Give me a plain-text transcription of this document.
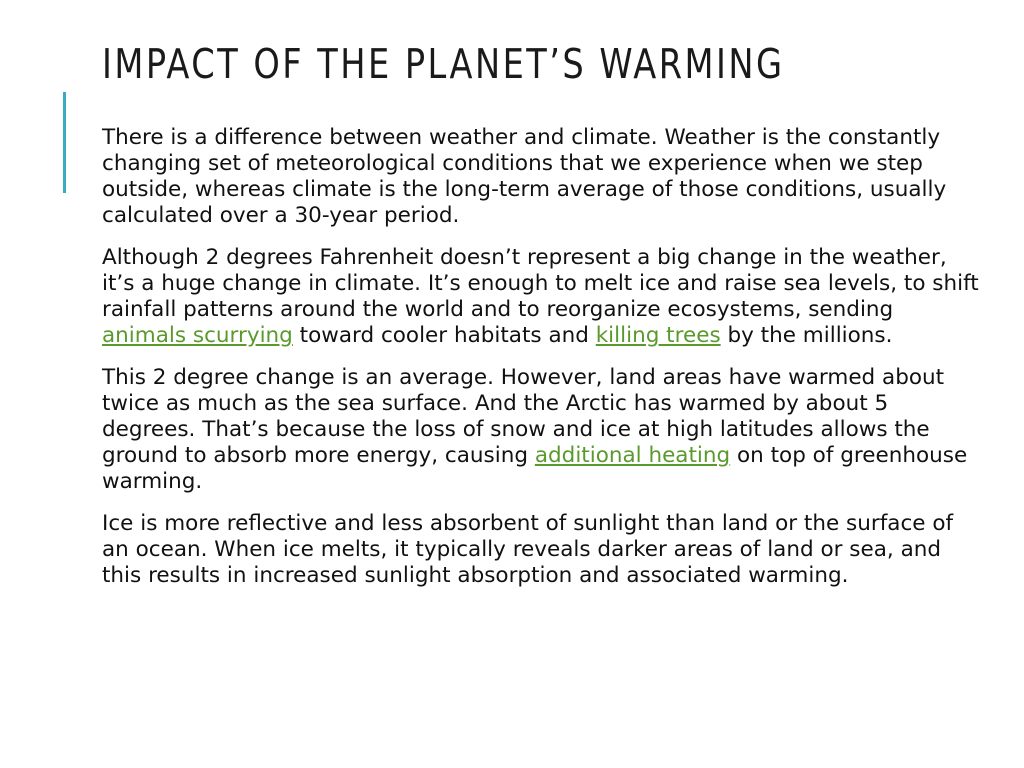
IMPACT OF THE PLANET’S WARMING

There is a difference between weather and climate. Weather is the constantly changing set of meteorological conditions that we experience when we step outside, whereas climate is the long-term average of those conditions, usually calculated over a 30-year period.

Although 2 degrees Fahrenheit doesn’t represent a big change in the weather, it’s a huge change in climate. It’s enough to melt ice and raise sea levels, to shift rainfall patterns around the world and to reorganize ecosystems, sending animals scurrying toward cooler habitats and killing trees by the millions.

This 2 degree change is an average. However, land areas have warmed about twice as much as the sea surface. And the Arctic has warmed by about 5 degrees. That’s because the loss of snow and ice at high latitudes allows the ground to absorb more energy, causing additional heating on top of greenhouse warming.

Ice is more reflective and less absorbent of sunlight than land or the surface of an ocean. When ice melts, it typically reveals darker areas of land or sea, and this results in increased sunlight absorption and associated warming.
